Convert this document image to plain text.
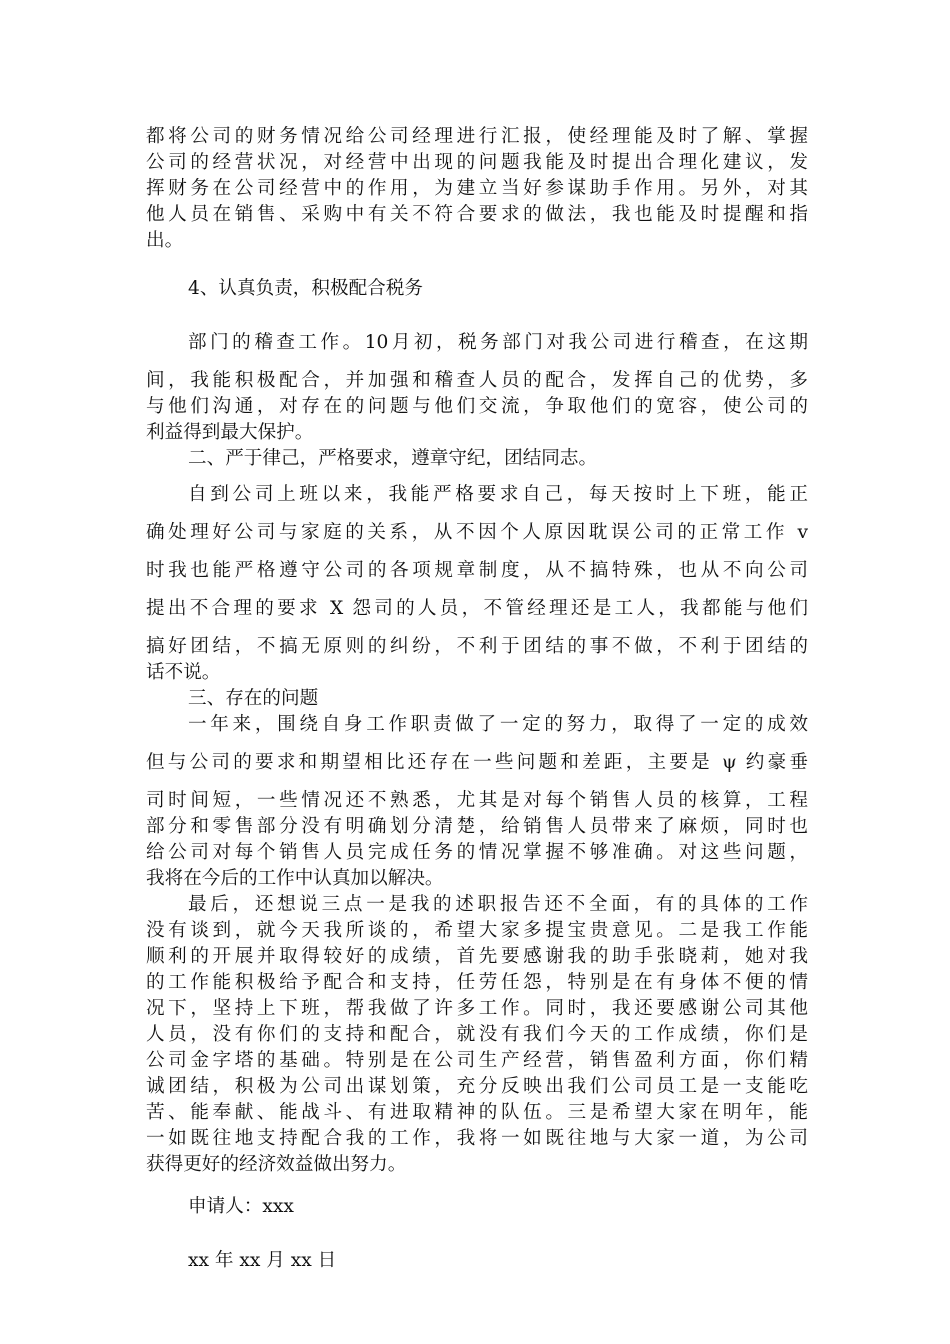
都将公司的财务情况给公司经理进行汇报，使经理能及时了解、掌握
公司的经营状况，对经营中出现的问题我能及时提出合理化建议，发
挥财务在公司经营中的作用，为建立当好参谋助手作用。另外，对其
他人员在销售、采购中有关不符合要求的做法，我也能及时提醒和指
出。
4、认真负责，积极配合税务
部门的稽查工作。10月初，税务部门对我公司进行稽查，在这期
间，我能积极配合，并加强和稽查人员的配合，发挥自己的优势，多
与他们沟通，对存在的问题与他们交流，争取他们的宽容，使公司的
利益得到最大保护。
二、严于律己，严格要求，遵章守纪，团结同志。
自到公司上班以来，我能严格要求自己，每天按时上下班，能正
确处理好公司与家庭的关系，从不因个人原因耽误公司的正常工作 v
时我也能严格遵守公司的各项规章制度，从不搞特殊，也从不向公司
提出不合理的要求 X 怨司的人员，不管经理还是工人，我都能与他们
搞好团结，不搞无原则的纠纷，不利于团结的事不做，不利于团结的
话不说。
三、存在的问题
一年来，围绕自身工作职责做了一定的努力，取得了一定的成效
但与公司的要求和期望相比还存在一些问题和差距，主要是 ψ 约豪垂
司时间短，一些情况还不熟悉，尤其是对每个销售人员的核算，工程
部分和零售部分没有明确划分清楚，给销售人员带来了麻烦，同时也
给公司对每个销售人员完成任务的情况掌握不够准确。对这些问题，
我将在今后的工作中认真加以解决。
最后，还想说三点一是我的述职报告还不全面，有的具体的工作
没有谈到，就今天我所谈的，希望大家多提宝贵意见。二是我工作能
顺利的开展并取得较好的成绩，首先要感谢我的助手张晓莉，她对我
的工作能积极给予配合和支持，任劳任怨，特别是在有身体不便的情
况下，坚持上下班，帮我做了许多工作。同时，我还要感谢公司其他
人员，没有你们的支持和配合，就没有我们今天的工作成绩，你们是
公司金字塔的基础。特别是在公司生产经营，销售盈利方面，你们精
诚团结，积极为公司出谋划策，充分反映出我们公司员工是一支能吃
苦、能奉献、能战斗、有进取精神的队伍。三是希望大家在明年，能
一如既往地支持配合我的工作，我将一如既往地与大家一道，为公司
获得更好的经济效益做出努力。
申请人：xxx
xx 年 xx 月 xx 日
